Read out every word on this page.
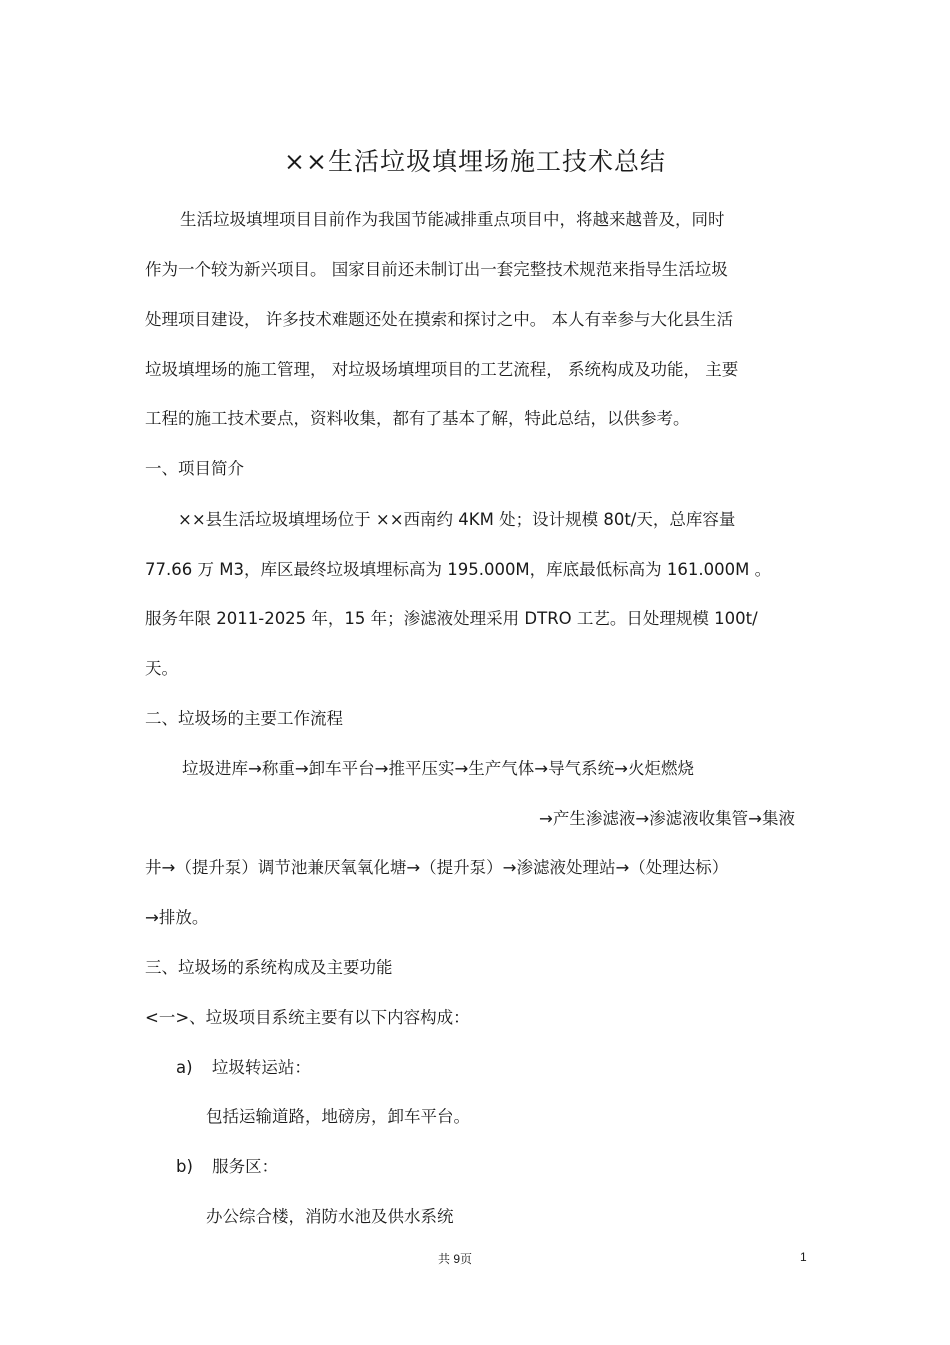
××生活垃圾填埋场施工技术总结
生活垃圾填埋项目目前作为我国节能减排重点项目中，将越来越普及，同时
作为一个较为新兴项目。 国家目前还未制订出一套完整技术规范来指导生活垃圾
处理项目建设， 许多技术难题还处在摸索和探讨之中。 本人有幸参与大化县生活
垃圾填埋场的施工管理， 对垃圾场填埋项目的工艺流程， 系统构成及功能， 主要
工程的施工技术要点，资料收集，都有了基本了解，特此总结，以供参考。
一、项目简介
××县生活垃圾填埋场位于 ××西南约 4KM 处；设计规模 80t/天，总库容量
77.66 万 M3，库区最终垃圾填埋标高为 195.000M，库底最低标高为 161.000M 。
服务年限 2011-2025 年，15 年；渗滤液处理采用 DTRO 工艺。日处理规模 100t/
天。
二、垃圾场的主要工作流程
垃圾进库→称重→卸车平台→推平压实→生产气体→导气系统→火炬燃烧
→产生渗滤液→渗滤液收集管→集液
井→（提升泵）调节池兼厌氧氧化塘→（提升泵）→渗滤液处理站→（处理达标）
→排放。
三、垃圾场的系统构成及主要功能
<一>、垃圾项目系统主要有以下内容构成：
a) 垃圾转运站：
包括运输道路，地磅房，卸车平台。
b) 服务区：
办公综合楼，消防水池及供水系统
共 9页	1
